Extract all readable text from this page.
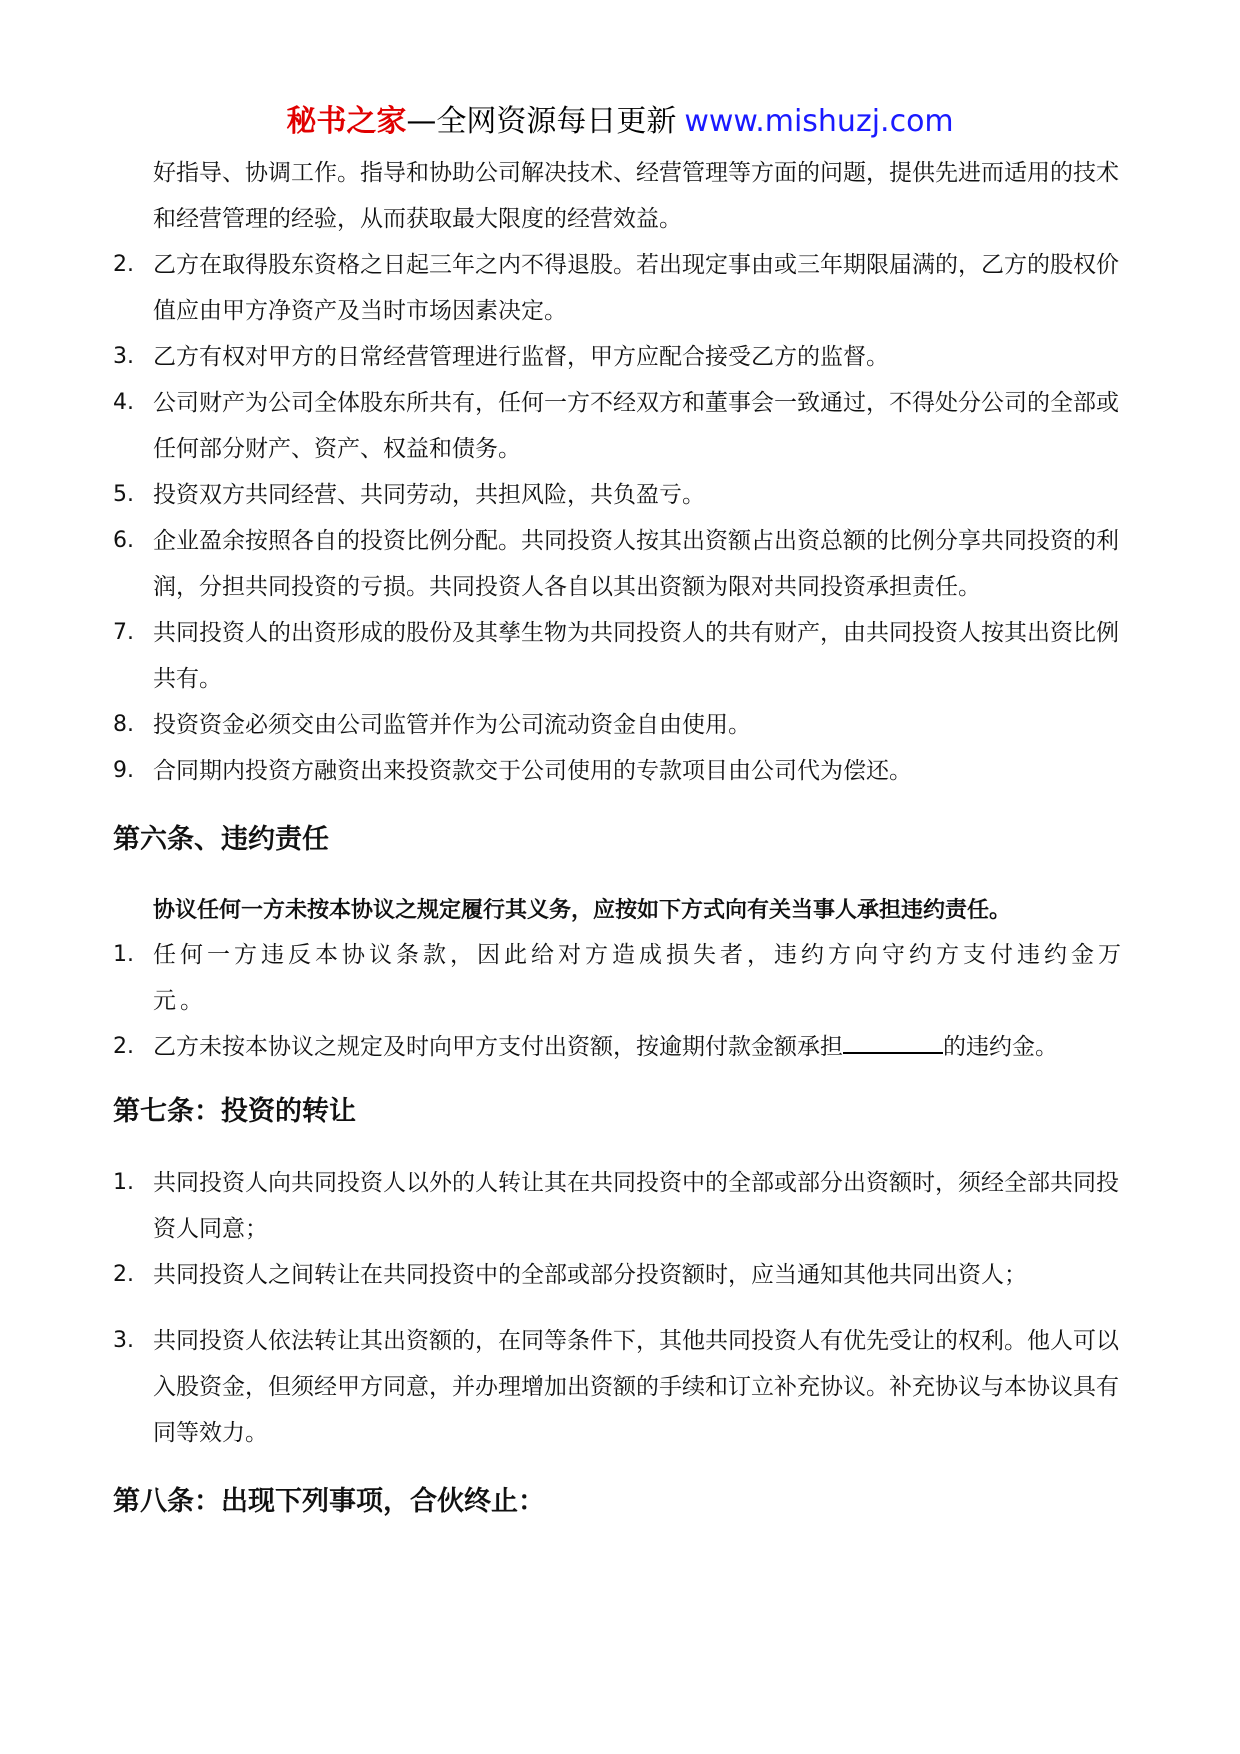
秘书之家—全网资源每日更新 www.mishuzj.com

好指导、协调工作。指导和协助公司解决技术、经营管理等方面的问题，提供先进而适用的技术和经营管理的经验，从而获取最大限度的经营效益。

2. 乙方在取得股东资格之日起三年之内不得退股。若出现定事由或三年期限届满的，乙方的股权价值应由甲方净资产及当时市场因素决定。
3. 乙方有权对甲方的日常经营管理进行监督，甲方应配合接受乙方的监督。
4. 公司财产为公司全体股东所共有，任何一方不经双方和董事会一致通过，不得处分公司的全部或任何部分财产、资产、权益和债务。
5. 投资双方共同经营、共同劳动，共担风险，共负盈亏。
6. 企业盈余按照各自的投资比例分配。共同投资人按其出资额占出资总额的比例分享共同投资的利润，分担共同投资的亏损。共同投资人各自以其出资额为限对共同投资承担责任。
7. 共同投资人的出资形成的股份及其孳生物为共同投资人的共有财产，由共同投资人按其出资比例共有。
8. 投资资金必须交由公司监管并作为公司流动资金自由使用。
9. 合同期内投资方融资出来投资款交于公司使用的专款项目由公司代为偿还。
第六条、违约责任

协议任何一方未按本协议之规定履行其义务，应按如下方式向有关当事人承担违约责任。

1. 任何一方违反本协议条款，因此给对方造成损失者，违约方向守约方支付违约金万元。
2. 乙方未按本协议之规定及时向甲方支付出资额，按逾期付款金额承担	的违约金。
第七条：投资的转让
1. 共同投资人向共同投资人以外的人转让其在共同投资中的全部或部分出资额时，须经全部共同投资人同意；
2. 共同投资人之间转让在共同投资中的全部或部分投资额时，应当通知其他共同出资人；
3. 共同投资人依法转让其出资额的，在同等条件下，其他共同投资人有优先受让的权利。他人可以入股资金，但须经甲方同意，并办理增加出资额的手续和订立补充协议。补充协议与本协议具有同等效力。
第八条：出现下列事项，合伙终止：
